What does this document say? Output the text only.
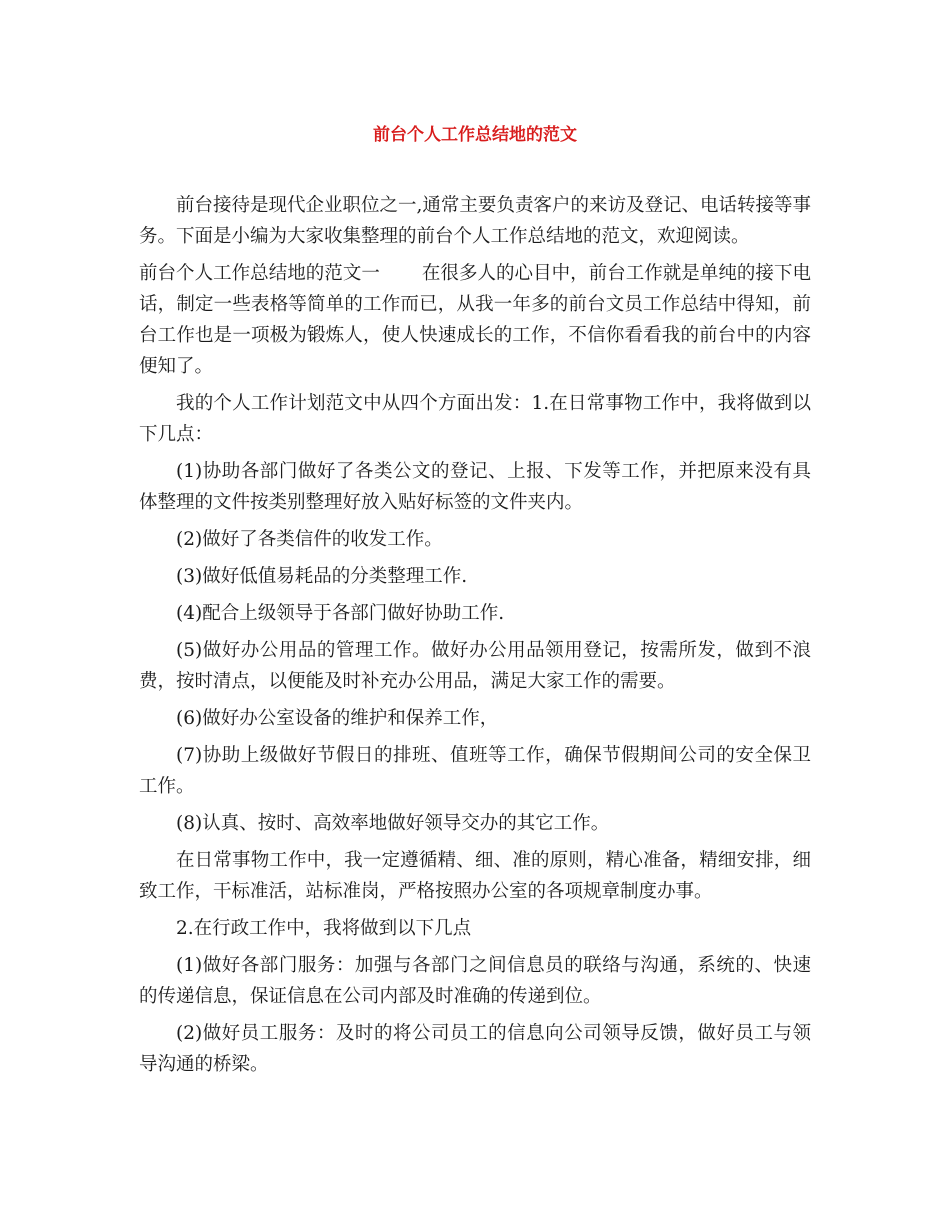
前台个人工作总结地的范文

前台接待是现代企业职位之一,通常主要负责客户的来访及登记、电话转接等事务。下面是小编为大家收集整理的前台个人工作总结地的范文，欢迎阅读。

前台个人工作总结地的范文一 在很多人的心目中，前台工作就是单纯的接下电话，制定一些表格等简单的工作而已，从我一年多的前台文员工作总结中得知，前台工作也是一项极为锻炼人，使人快速成长的工作，不信你看看我的前台中的内容便知了。

我的个人工作计划范文中从四个方面出发：1.在日常事物工作中，我将做到以下几点：

(1)协助各部门做好了各类公文的登记、上报、下发等工作，并把原来没有具体整理的文件按类别整理好放入贴好标签的文件夹内。

(2)做好了各类信件的收发工作。

(3)做好低值易耗品的分类整理工作.

(4)配合上级领导于各部门做好协助工作.

(5)做好办公用品的管理工作。做好办公用品领用登记，按需所发，做到不浪费，按时清点，以便能及时补充办公用品，满足大家工作的需要。

(6)做好办公室设备的维护和保养工作，

(7)协助上级做好节假日的排班、值班等工作，确保节假期间公司的安全保卫工作。

(8)认真、按时、高效率地做好领导交办的其它工作。

在日常事物工作中，我一定遵循精、细、准的原则，精心准备，精细安排，细致工作，干标准活，站标准岗，严格按照办公室的各项规章制度办事。

2.在行政工作中，我将做到以下几点

(1)做好各部门服务：加强与各部门之间信息员的联络与沟通，系统的、快速的传递信息，保证信息在公司内部及时准确的传递到位。

(2)做好员工服务：及时的将公司员工的信息向公司领导反馈，做好员工与领导沟通的桥梁。
